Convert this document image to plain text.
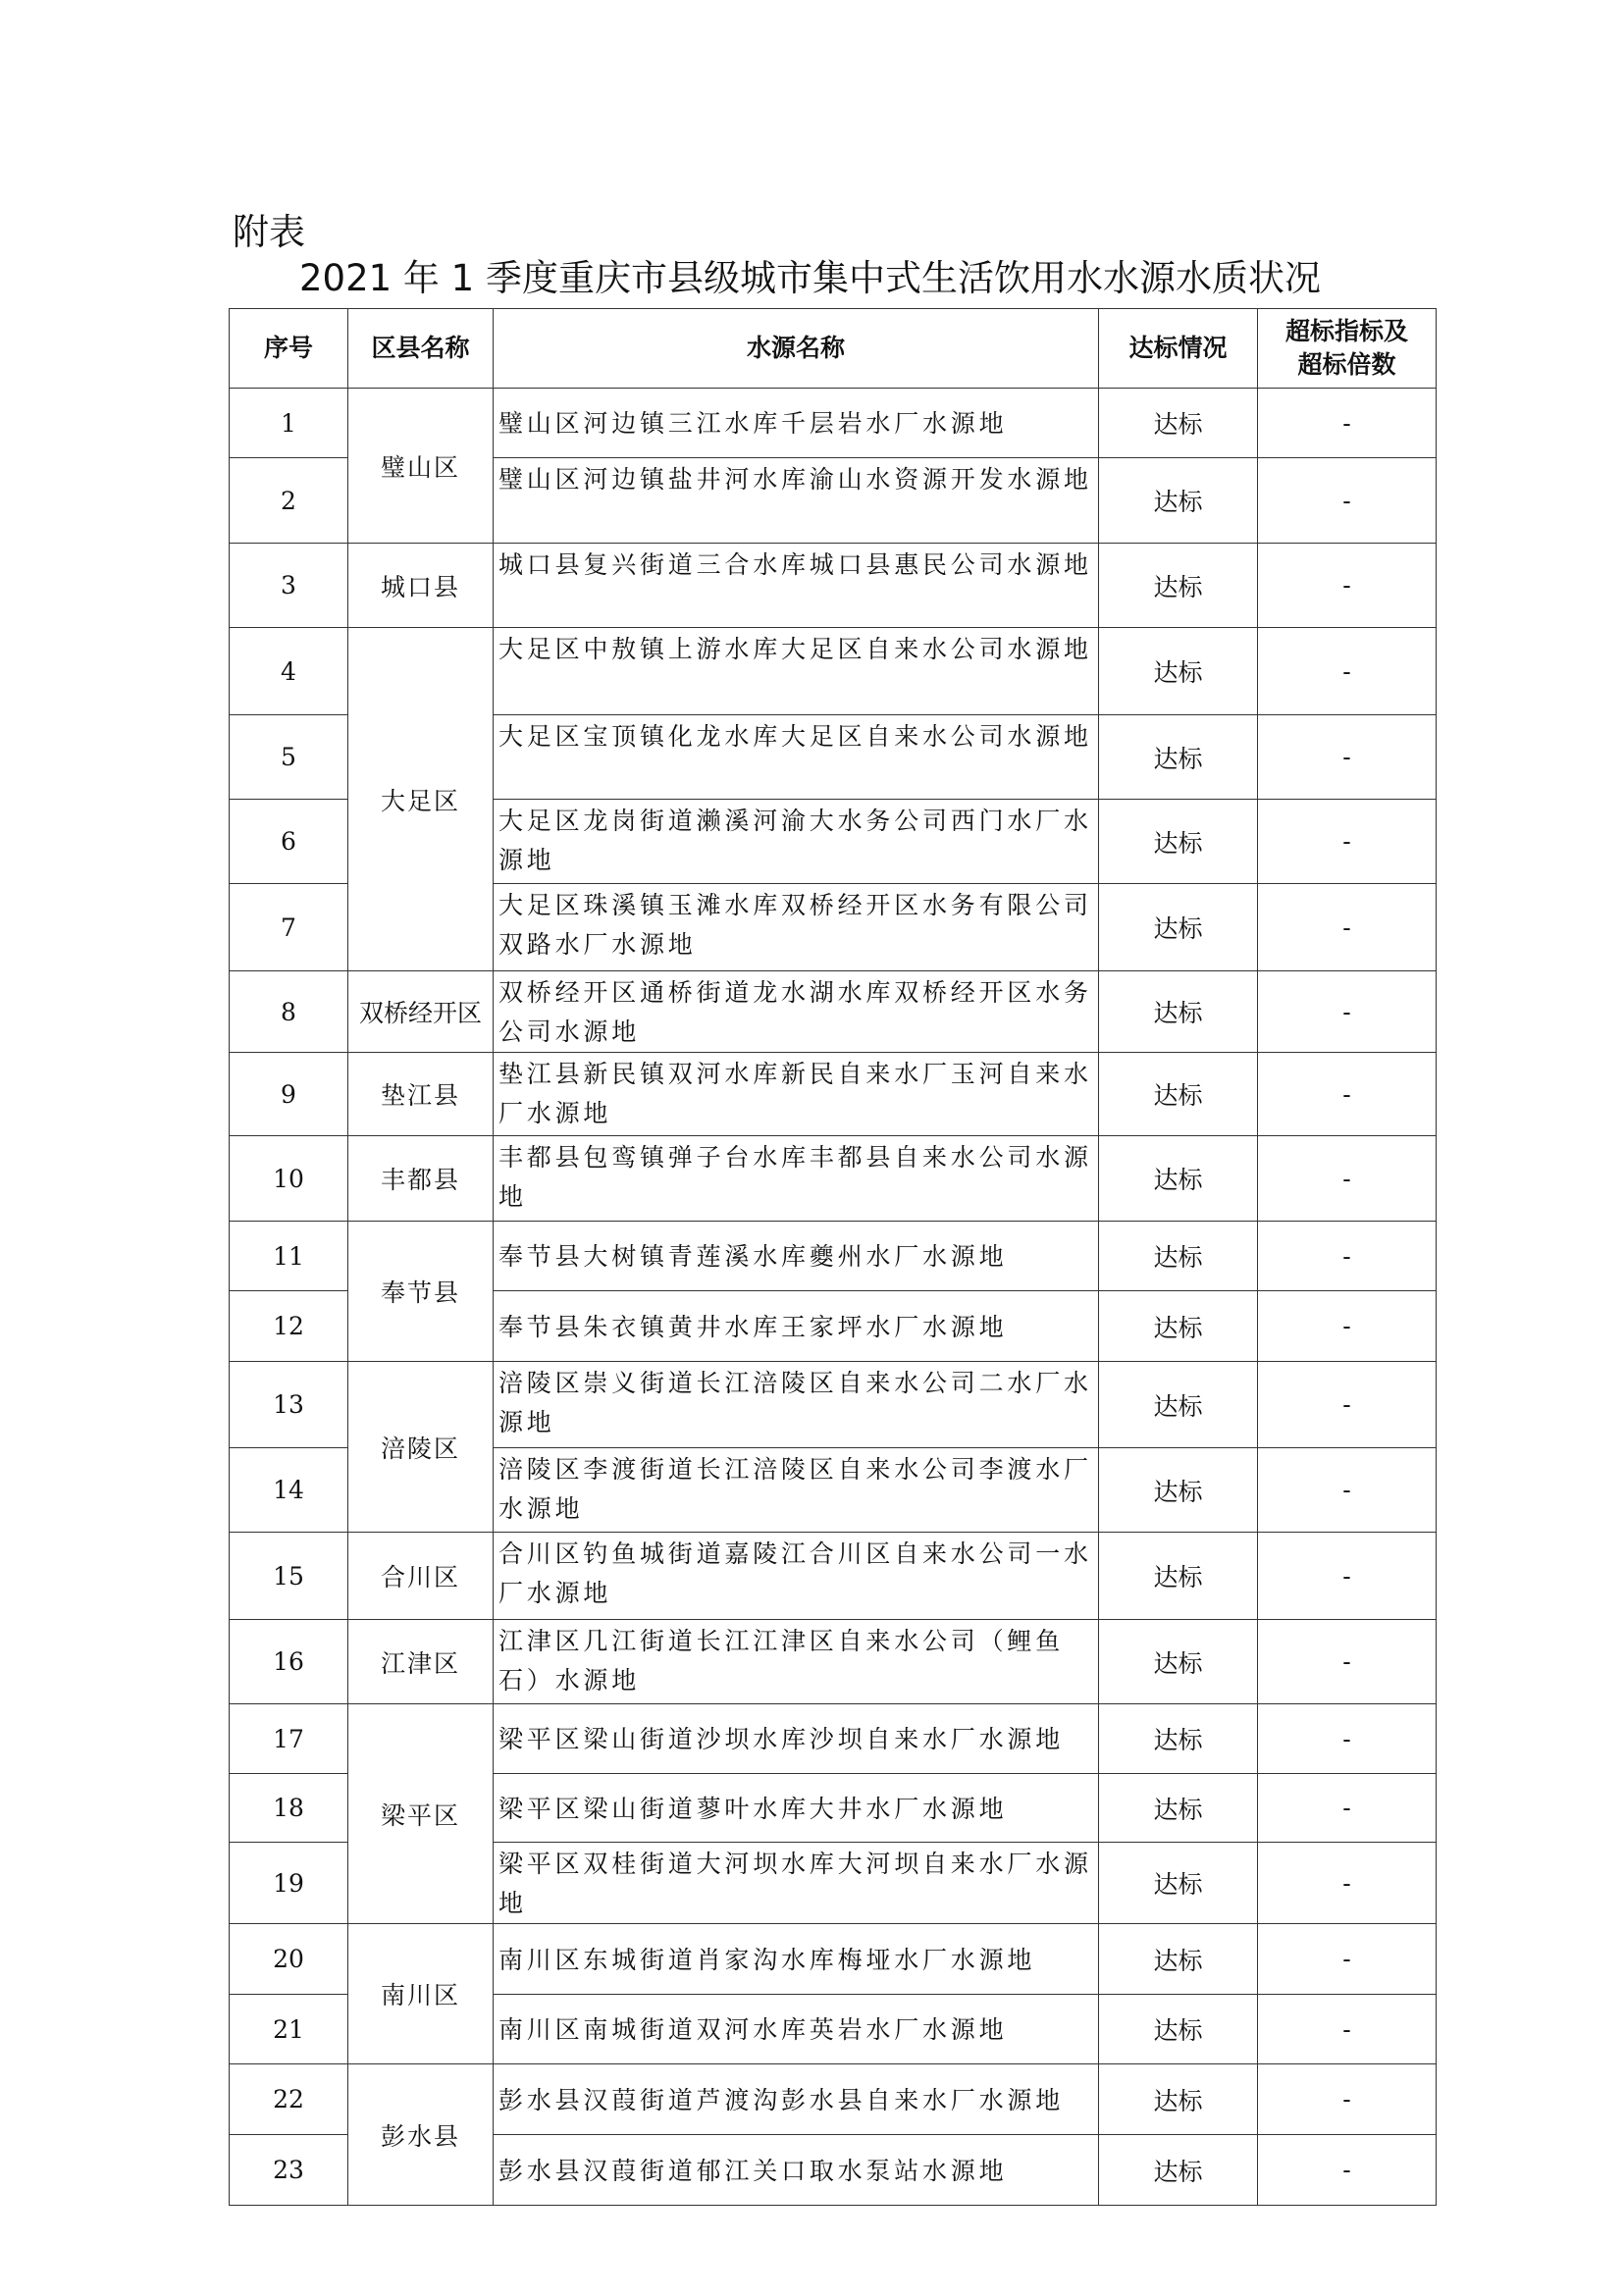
附表
2021 年 1 季度重庆市县级城市集中式生活饮用水水源水质状况
序号	区县名称	水源名称	达标情况	超标指标及
超标倍数
1	璧山区	璧山区河边镇三江水库千层岩水厂水源地	达标	-
2		璧山区河边镇盐井河水库渝山水资源开发水源地	达标	-
3	城口县	城口县复兴街道三合水库城口县惠民公司水源地	达标	-
4	大足区	大足区中敖镇上游水库大足区自来水公司水源地	达标	-
5		大足区宝顶镇化龙水库大足区自来水公司水源地	达标	-
6		大足区龙岗街道濑溪河渝大水务公司西门水厂水源地	达标	-
7		大足区珠溪镇玉滩水库双桥经开区水务有限公司双路水厂水源地	达标	-
8	双桥经开区	双桥经开区通桥街道龙水湖水库双桥经开区水务公司水源地	达标	-
9	垫江县	垫江县新民镇双河水库新民自来水厂玉河自来水厂水源地	达标	-
10	丰都县	丰都县包鸾镇弹子台水库丰都县自来水公司水源地	达标	-
11	奉节县	奉节县大树镇青莲溪水库夔州水厂水源地	达标	-
12		奉节县朱衣镇黄井水库王家坪水厂水源地	达标	-
13	涪陵区	涪陵区崇义街道长江涪陵区自来水公司二水厂水源地	达标	-
14		涪陵区李渡街道长江涪陵区自来水公司李渡水厂水源地	达标	-
15	合川区	合川区钓鱼城街道嘉陵江合川区自来水公司一水厂水源地	达标	-
16	江津区	江津区几江街道长江江津区自来水公司（鲤鱼石）水源地	达标	-
17	梁平区	梁平区梁山街道沙坝水库沙坝自来水厂水源地	达标	-
18		梁平区梁山街道蓼叶水库大井水厂水源地	达标	-
19		梁平区双桂街道大河坝水库大河坝自来水厂水源地	达标	-
20	南川区	南川区东城街道肖家沟水库梅垭水厂水源地	达标	-
21		南川区南城街道双河水库英岩水厂水源地	达标	-
22	彭水县	彭水县汉葭街道芦渡沟彭水县自来水厂水源地	达标	-
23		彭水县汉葭街道郁江关口取水泵站水源地	达标	-
